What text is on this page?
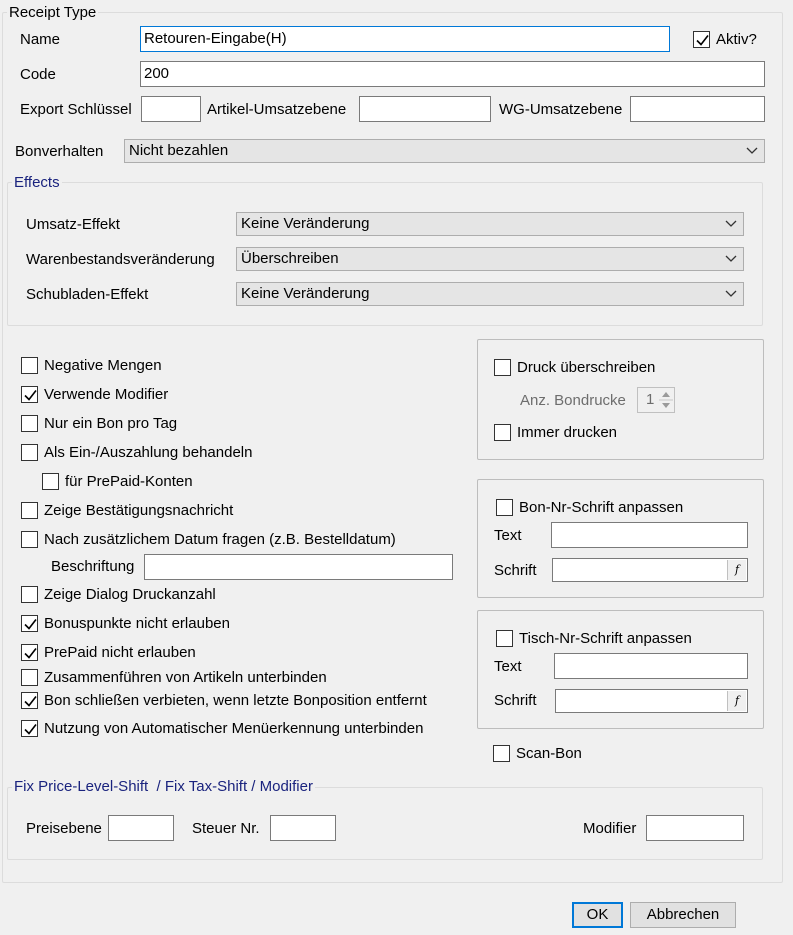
Receipt Type
Name	Retouren-Eingabe(H)	Aktiv?
Code	200
Export Schlüssel	Artikel-Umsatzebene	WG-Umsatzebene
Bonverhalten	Nicht bezahlen
Effects
Umsatz-Effekt	Keine Veränderung
Warenbestandsveränderung	Überschreiben
Schubladen-Effekt	Keine Veränderung
Negative Mengen
Verwende Modifier
Nur ein Bon pro Tag
Als Ein-/Auszahlung behandeln
für PrePaid-Konten
Zeige Bestätigungsnachricht
Nach zusätzlichem Datum fragen (z.B. Bestelldatum)
Beschriftung
Zeige Dialog Druckanzahl
Bonuspunkte nicht erlauben
PrePaid nicht erlauben
Zusammenführen von Artikeln unterbinden
Bon schließen verbieten, wenn letzte Bonposition entfernt
Nutzung von Automatischer Menüerkennung unterbinden
Druck überschreiben
Anz. Bondrucke 1
Immer drucken
Bon-Nr-Schrift anpassen
Text
Schrift	f
Tisch-Nr-Schrift anpassen
Text
Schrift	f
Scan-Bon
Fix Price-Level-Shift  / Fix Tax-Shift / Modifier
Preisebene	Steuer Nr.	Modifier
OK	Abbrechen
